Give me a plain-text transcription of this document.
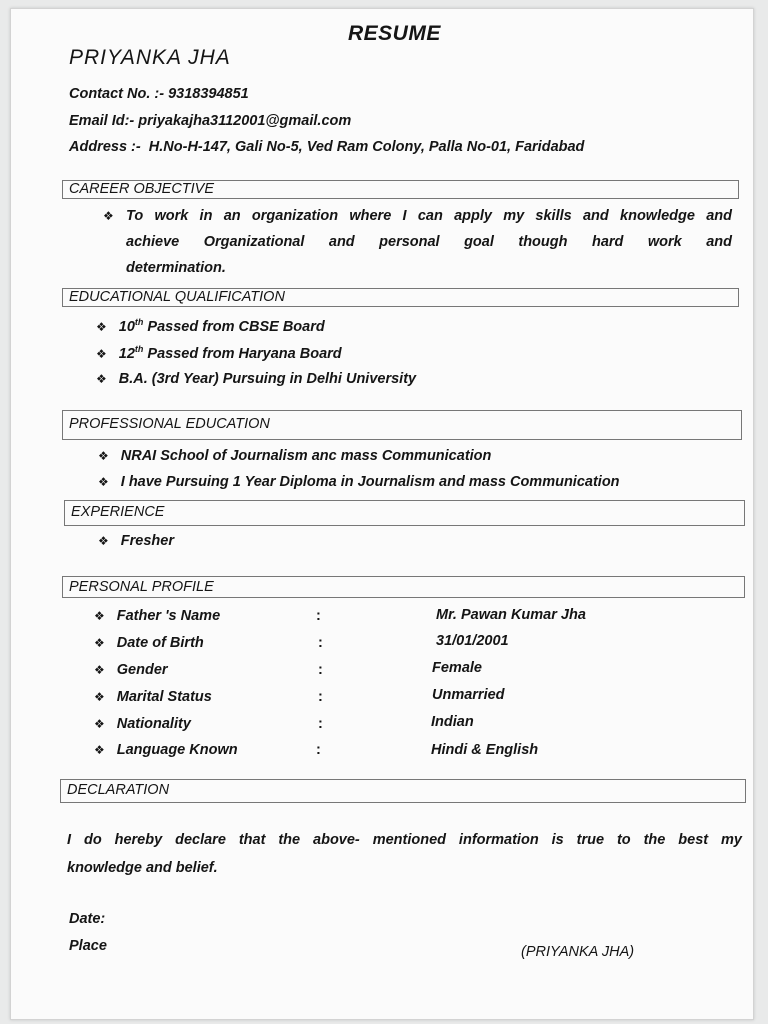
RESUME
PRIYANKA JHA
Contact No. :- 9318394851
Email Id:- priyakajha3112001@gmail.com
Address :- H.No-H-147, Gali No-5, Ved Ram Colony, Palla No-01, Faridabad
CAREER OBJECTIVE
❖ To work in an organization where I can apply my skills and knowledge and
achieve Organizational and personal goal though hard work and
determination.
EDUCATIONAL QUALIFICATION
❖ 10th Passed from CBSE Board
❖ 12th Passed from Haryana Board
❖ B.A. (3rd Year) Pursuing in Delhi University
PROFESSIONAL EDUCATION
❖ NRAI School of Journalism anc mass Communication
❖ I have Pursuing 1 Year Diploma in Journalism and mass Communication
EXPERIENCE
❖ Fresher
PERSONAL PROFILE
❖ Father 's Name	:	Mr. Pawan Kumar Jha
❖ Date of Birth	:	31/01/2001
❖ Gender	:	Female
❖ Marital Status	:	Unmarried
❖ Nationality	:	Indian
❖ Language Known	:	Hindi & English
DECLARATION
I do hereby declare that the above- mentioned information is true to the best my
knowledge and belief.
Date:
Place	(PRIYANKA JHA)
